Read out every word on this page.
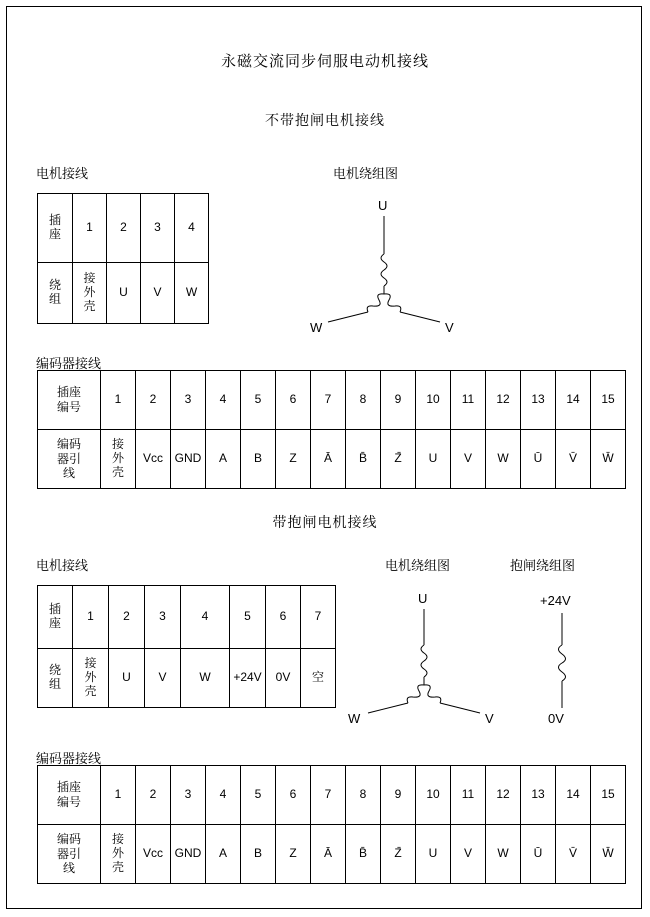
永磁交流同步伺服电动机接线
不带抱闸电机接线
电机接线	电机绕组图
编码器接线
插座	1	2	3	4

绕组	接外壳	U	V	W
U
W	V
插座编号	1	2	3	4	5	6	7	8	9	10	11	12	13	14	15
编码器引线	接外壳	Vcc	GND	A	B	Z	Ā	B̄	Z̄	U	V	W	Ū	V̄	W̄
带抱闸电机接线
电机接线	电机绕组图	抱闸绕组图
编码器接线
插座	1	2	3	4	5	6	7

绕组	接外壳	U	V	W	+24V	0V	空
U
W	V
+24V
0V
插座编号	1	2	3	4	5	6	7	8	9	10	11	12	13	14	15
编码器引线	接外壳	Vcc	GND	A	B	Z	Ā	B̄	Z̄	U	V	W	Ū	V̄	W̄
